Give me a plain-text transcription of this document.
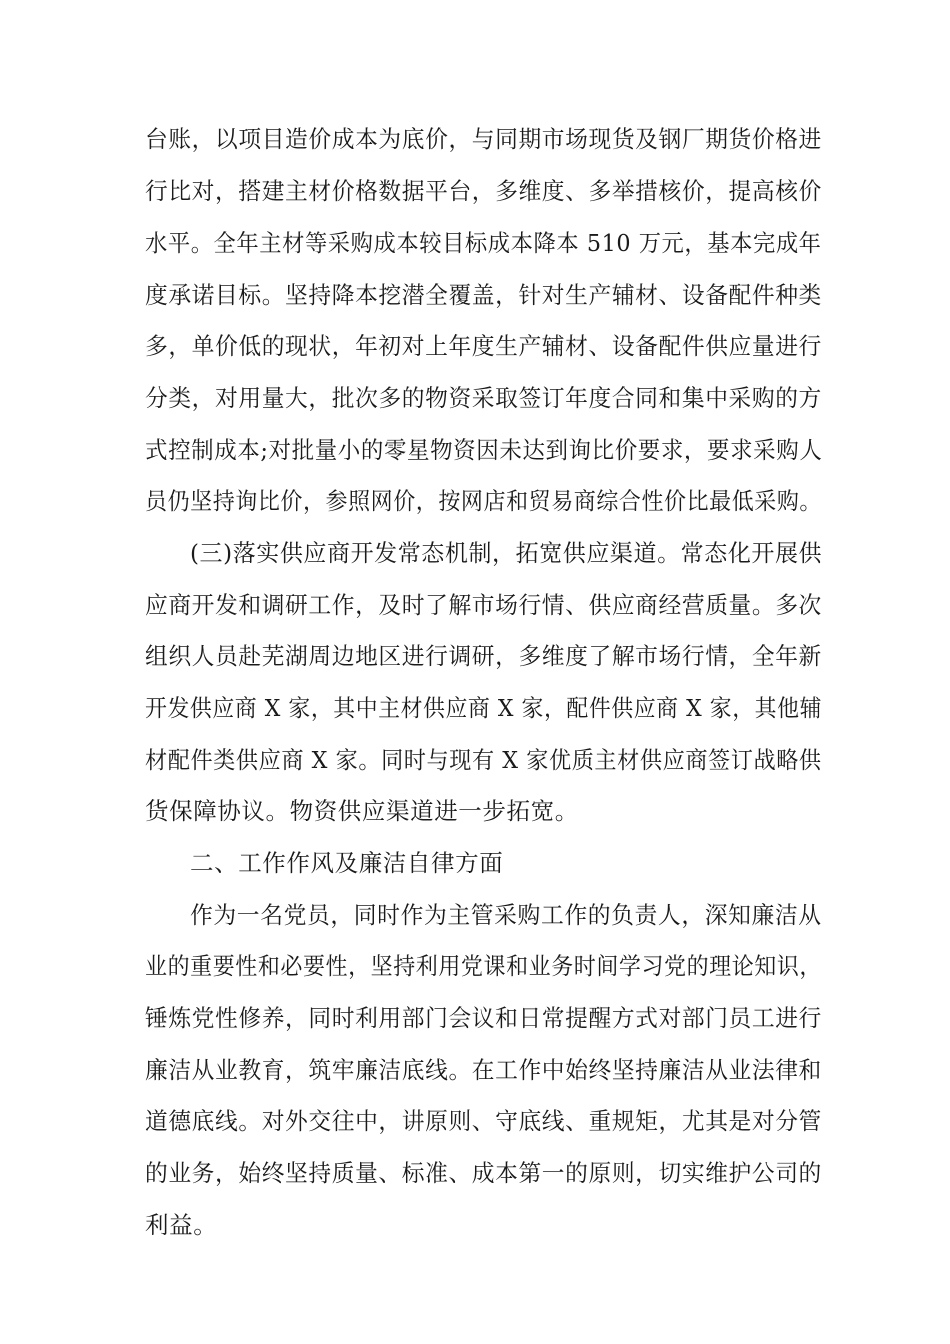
台账，以项目造价成本为底价，与同期市场现货及钢厂期货价格进

行比对，搭建主材价格数据平台，多维度、多举措核价，提高核价

水平。全年主材等采购成本较目标成本降本 510 万元，基本完成年

度承诺目标。坚持降本挖潜全覆盖，针对生产辅材、设备配件种类

多，单价低的现状，年初对上年度生产辅材、设备配件供应量进行

分类，对用量大，批次多的物资采取签订年度合同和集中采购的方

式控制成本;对批量小的零星物资因未达到询比价要求，要求采购人

员仍坚持询比价，参照网价，按网店和贸易商综合性价比最低采购。

(三)落实供应商开发常态机制，拓宽供应渠道。常态化开展供

应商开发和调研工作，及时了解市场行情、供应商经营质量。多次

组织人员赴芜湖周边地区进行调研，多维度了解市场行情，全年新

开发供应商 X 家，其中主材供应商 X 家，配件供应商 X 家，其他辅

材配件类供应商 X 家。同时与现有 X 家优质主材供应商签订战略供

货保障协议。物资供应渠道进一步拓宽。

二、工作作风及廉洁自律方面

作为一名党员，同时作为主管采购工作的负责人，深知廉洁从

业的重要性和必要性，坚持利用党课和业务时间学习党的理论知识，

锤炼党性修养，同时利用部门会议和日常提醒方式对部门员工进行

廉洁从业教育，筑牢廉洁底线。在工作中始终坚持廉洁从业法律和

道德底线。对外交往中，讲原则、守底线、重规矩，尤其是对分管

的业务，始终坚持质量、标准、成本第一的原则，切实维护公司的

利益。
